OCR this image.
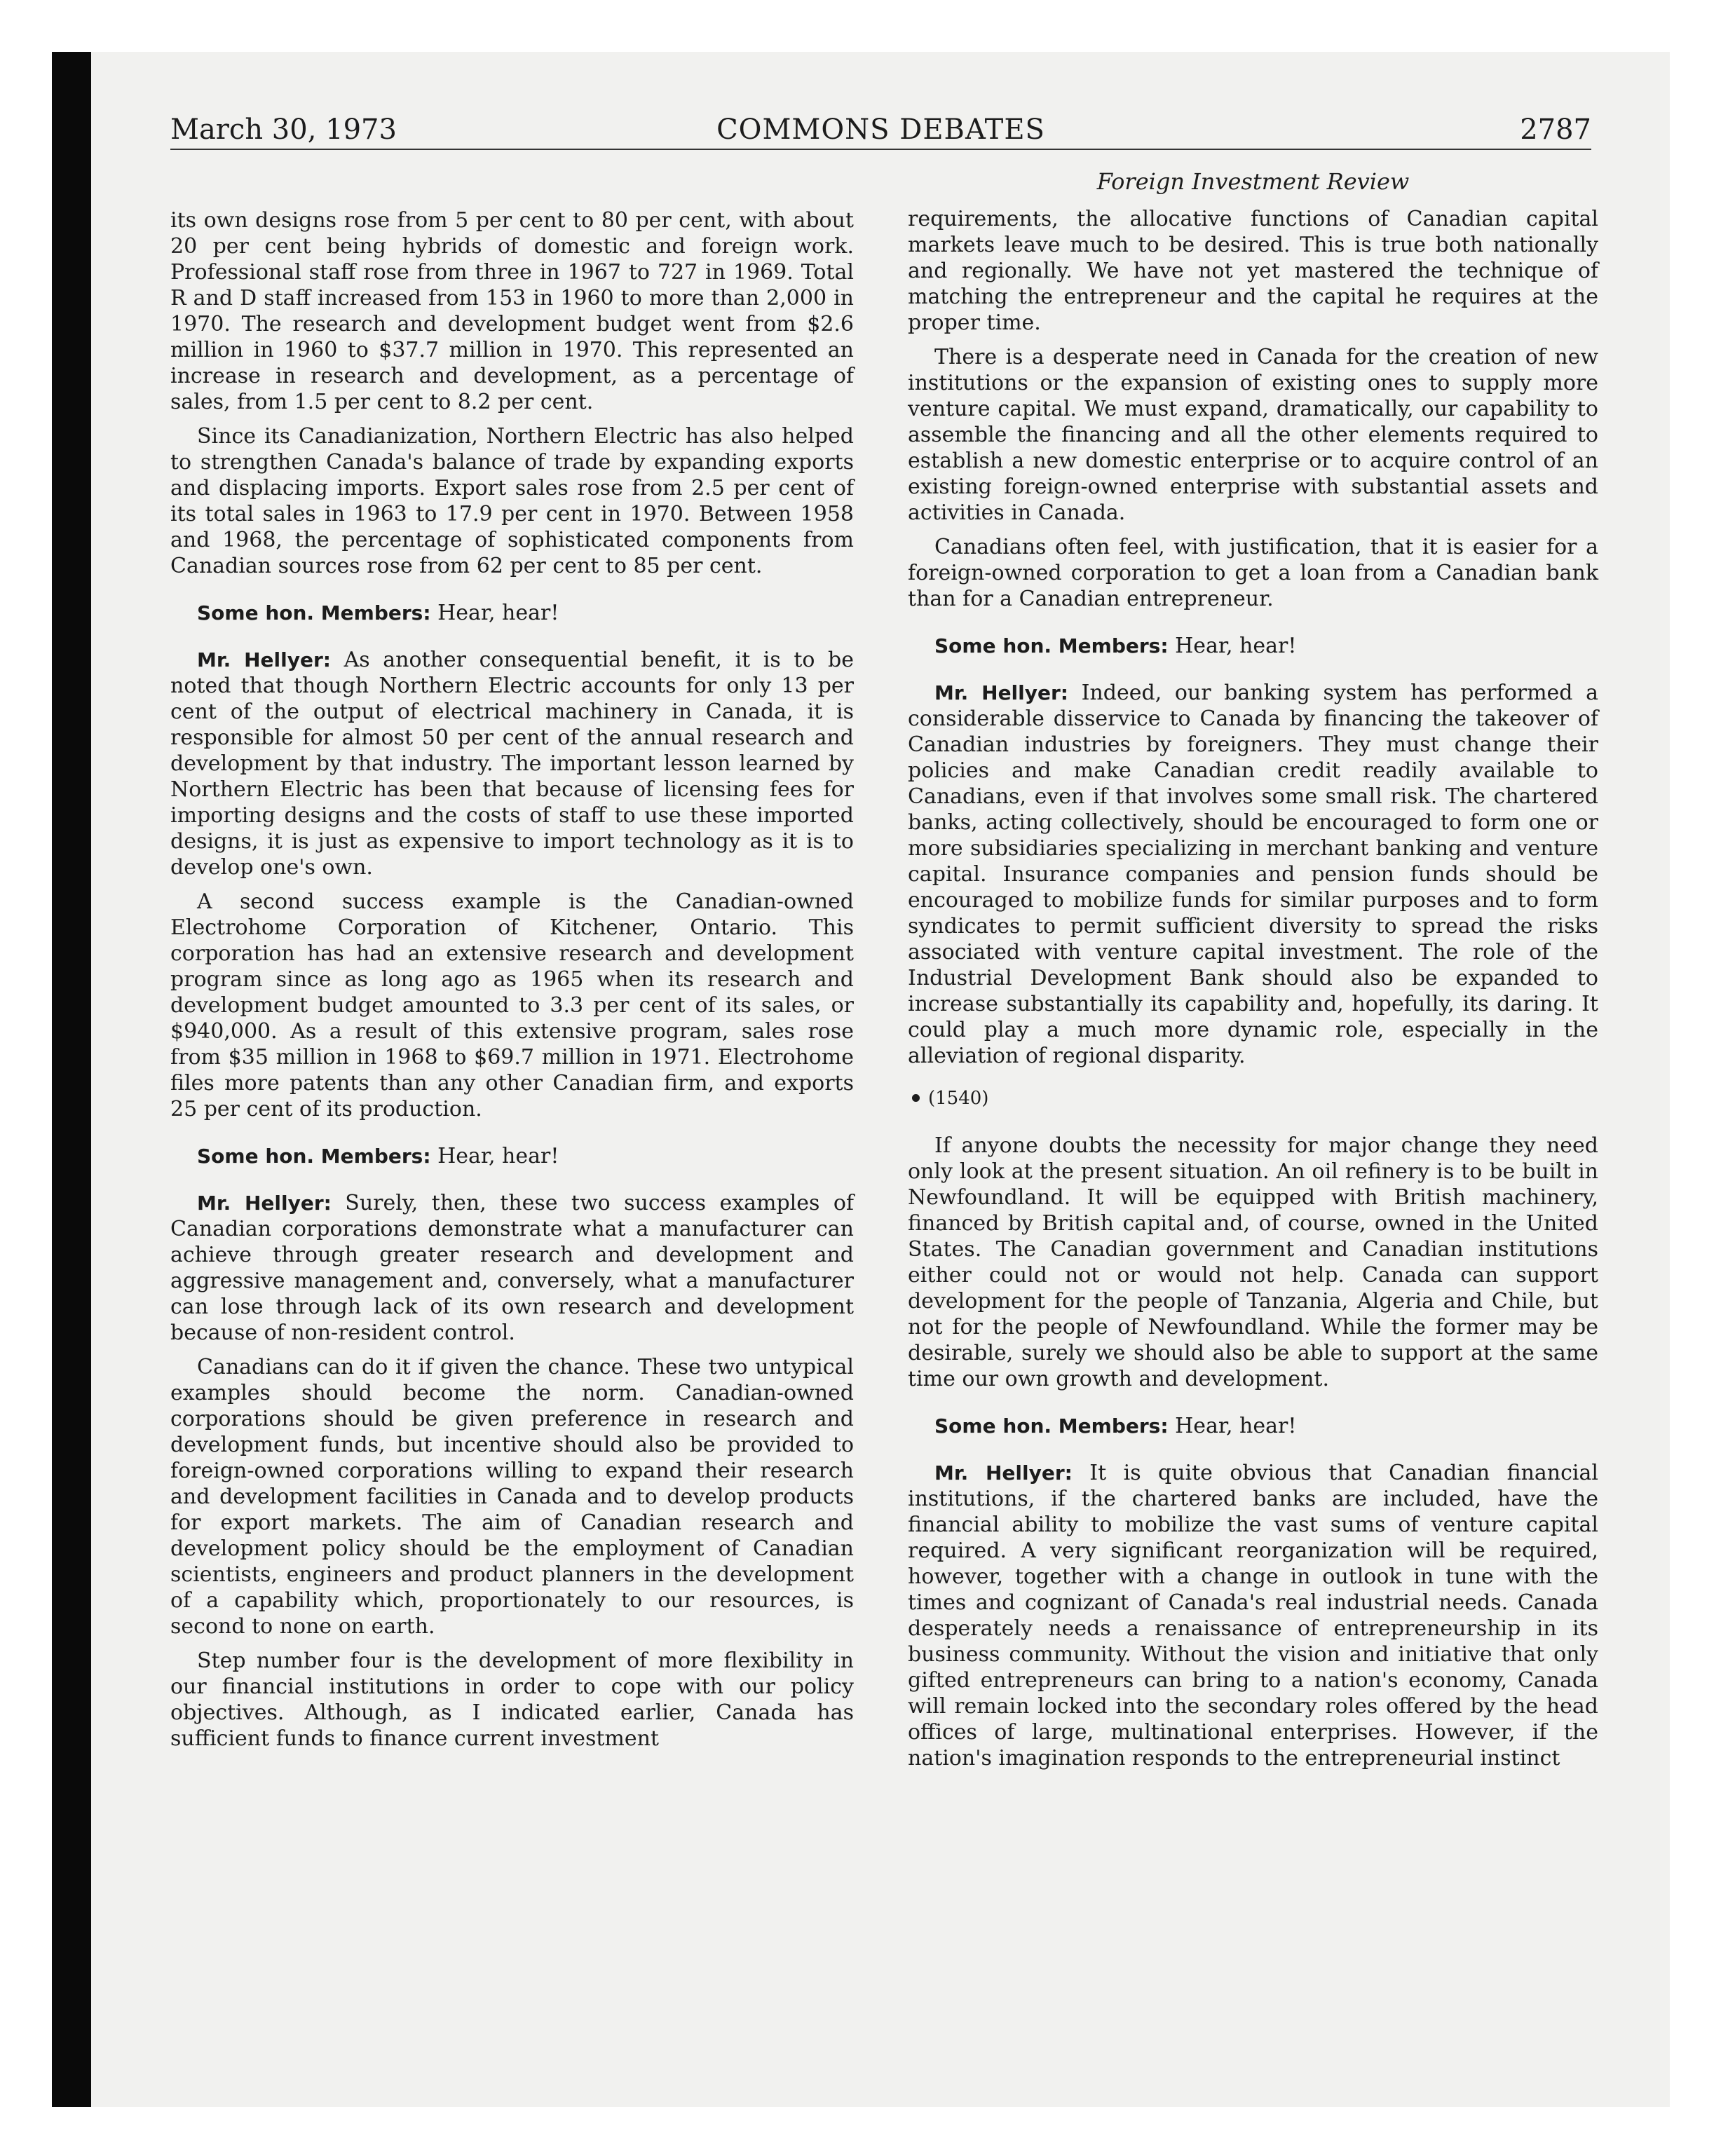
March 30, 1973	COMMONS DEBATES	2787
Foreign Investment Review

its own designs rose from 5 per cent to 80 per cent, with about 20 per cent being hybrids of domestic and foreign work. Professional staff rose from three in 1967 to 727 in 1969. Total R and D staff increased from 153 in 1960 to more than 2,000 in 1970. The research and development budget went from $2.6 million in 1960 to $37.7 million in 1970. This represented an increase in research and development, as a percentage of sales, from 1.5 per cent to 8.2 per cent.

Since its Canadianization, Northern Electric has also helped to strengthen Canada's balance of trade by expanding exports and displacing imports. Export sales rose from 2.5 per cent of its total sales in 1963 to 17.9 per cent in 1970. Between 1958 and 1968, the percentage of sophisticated components from Canadian sources rose from 62 per cent to 85 per cent.

Some hon. Members: Hear, hear!

Mr. Hellyer: As another consequential benefit, it is to be noted that though Northern Electric accounts for only 13 per cent of the output of electrical machinery in Canada, it is responsible for almost 50 per cent of the annual research and development by that industry. The important lesson learned by Northern Electric has been that because of licensing fees for importing designs and the costs of staff to use these imported designs, it is just as expensive to import technology as it is to develop one's own.

A second success example is the Canadian-owned Electrohome Corporation of Kitchener, Ontario. This corporation has had an extensive research and development program since as long ago as 1965 when its research and development budget amounted to 3.3 per cent of its sales, or $940,000. As a result of this extensive program, sales rose from $35 million in 1968 to $69.7 million in 1971. Electrohome files more patents than any other Canadian firm, and exports 25 per cent of its production.

Some hon. Members: Hear, hear!

Mr. Hellyer: Surely, then, these two success examples of Canadian corporations demonstrate what a manufacturer can achieve through greater research and development and aggressive management and, conversely, what a manufacturer can lose through lack of its own research and development because of non-resident control.

Canadians can do it if given the chance. These two untypical examples should become the norm. Canadian-owned corporations should be given preference in research and development funds, but incentive should also be provided to foreign-owned corporations willing to expand their research and development facilities in Canada and to develop products for export markets. The aim of Canadian research and development policy should be the employment of Canadian scientists, engineers and product planners in the development of a capability which, proportionately to our resources, is second to none on earth.

Step number four is the development of more flexibility in our financial institutions in order to cope with our policy objectives. Although, as I indicated earlier, Canada has sufficient funds to finance current investment

requirements, the allocative functions of Canadian capital markets leave much to be desired. This is true both nationally and regionally. We have not yet mastered the technique of matching the entrepreneur and the capital he requires at the proper time.

There is a desperate need in Canada for the creation of new institutions or the expansion of existing ones to supply more venture capital. We must expand, dramatically, our capability to assemble the financing and all the other elements required to establish a new domestic enterprise or to acquire control of an existing foreign-owned enterprise with substantial assets and activities in Canada.

Canadians often feel, with justification, that it is easier for a foreign-owned corporation to get a loan from a Canadian bank than for a Canadian entrepreneur.

Some hon. Members: Hear, hear!

Mr. Hellyer: Indeed, our banking system has performed a considerable disservice to Canada by financing the takeover of Canadian industries by foreigners. They must change their policies and make Canadian credit readily available to Canadians, even if that involves some small risk. The chartered banks, acting collectively, should be encouraged to form one or more subsidiaries specializing in merchant banking and venture capital. Insurance companies and pension funds should be encouraged to mobilize funds for similar purposes and to form syndicates to permit sufficient diversity to spread the risks associated with venture capital investment. The role of the Industrial Development Bank should also be expanded to increase substantially its capability and, hopefully, its daring. It could play a much more dynamic role, especially in the alleviation of regional disparity.

(1540)

If anyone doubts the necessity for major change they need only look at the present situation. An oil refinery is to be built in Newfoundland. It will be equipped with British machinery, financed by British capital and, of course, owned in the United States. The Canadian government and Canadian institutions either could not or would not help. Canada can support development for the people of Tanzania, Algeria and Chile, but not for the people of Newfoundland. While the former may be desirable, surely we should also be able to support at the same time our own growth and development.

Some hon. Members: Hear, hear!

Mr. Hellyer: It is quite obvious that Canadian financial institutions, if the chartered banks are included, have the financial ability to mobilize the vast sums of venture capital required. A very significant reorganization will be required, however, together with a change in outlook in tune with the times and cognizant of Canada's real industrial needs. Canada desperately needs a renaissance of entrepreneurship in its business community. Without the vision and initiative that only gifted entrepreneurs can bring to a nation's economy, Canada will remain locked into the secondary roles offered by the head offices of large, multinational enterprises. However, if the nation's imagination responds to the entrepreneurial instinct
